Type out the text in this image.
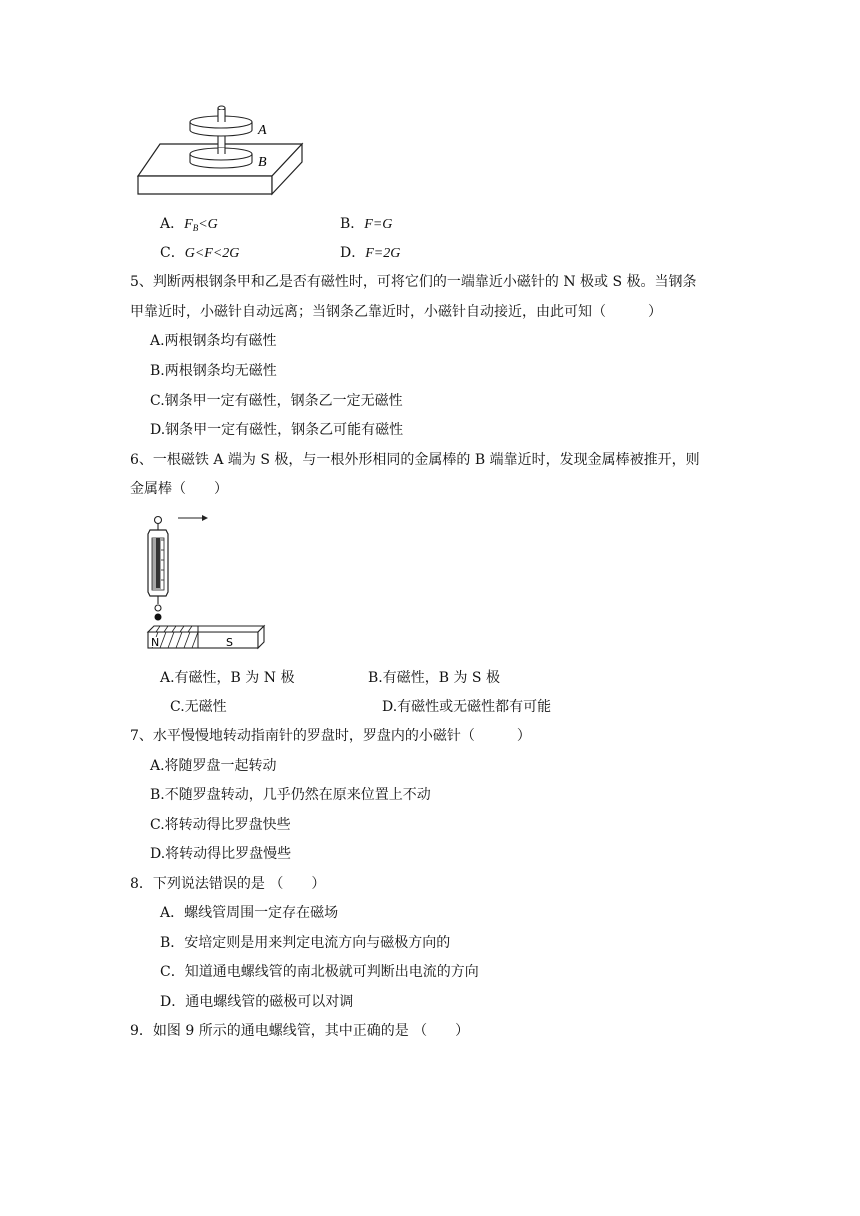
A
B
A．$F_B<G$	B．F=G
C．G<F<2G	D．F=2G
5、判断两根钢条甲和乙是否有磁性时，可将它们的一端靠近小磁针的 N 极或 S 极。当钢条
甲靠近时，小磁针自动远离；当钢条乙靠近时，小磁针自动接近，由此可知（　　　）
A.两根钢条均有磁性
B.两根钢条均无磁性
C.钢条甲一定有磁性，钢条乙一定无磁性
D.钢条甲一定有磁性，钢条乙可能有磁性
6、一根磁铁 A 端为 S 极，与一根外形相同的金属棒的 B 端靠近时，发现金属棒被推开，则
金属棒（　　）
N	S
A.有磁性，B 为 N 极	B.有磁性，B 为 S 极
C.无磁性	D.有磁性或无磁性都有可能
7、水平慢慢地转动指南针的罗盘时，罗盘内的小磁针（　　　）
A.将随罗盘一起转动
B.不随罗盘转动，几乎仍然在原来位置上不动
C.将转动得比罗盘快些
D.将转动得比罗盘慢些
8．下列说法错误的是 （　　）
A．螺线管周围一定存在磁场
B．安培定则是用来判定电流方向与磁极方向的
C．知道通电螺线管的南北极就可判断出电流的方向
D．通电螺线管的磁极可以对调
9．如图 9 所示的通电螺线管，其中正确的是 （　　）
